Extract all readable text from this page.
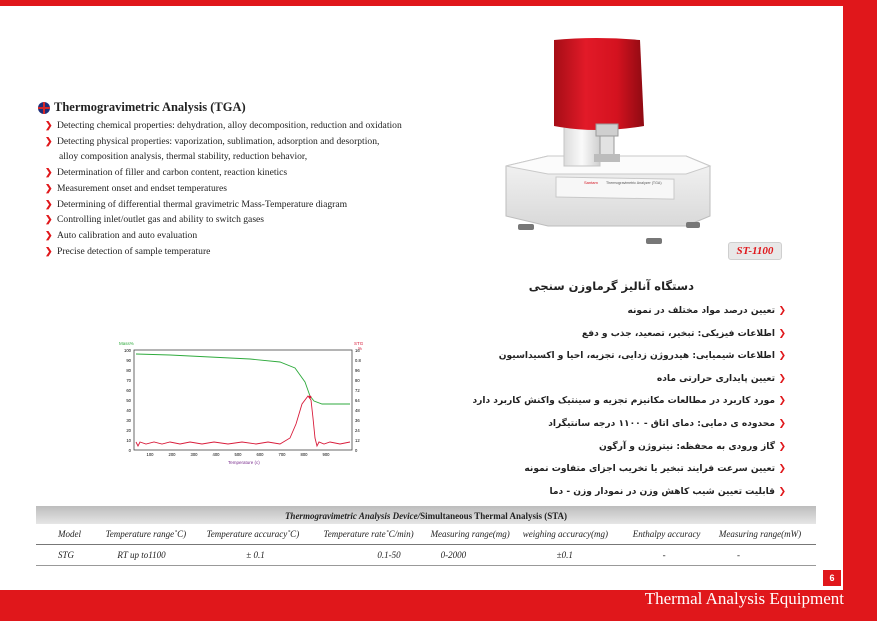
Thermogravimetric Analysis (TGA)
❯ Detecting chemical properties: dehydration, alloy decomposition, reduction and oxidation
❯ Detecting physical properties: vaporization, sublimation, adsorption and desorption,
alloy composition analysis, thermal stability, reduction behavior,
❯ Determination of filler and carbon content, reaction kinetics
❯ Measurement onset and endset temperatures
❯ Determining of differential thermal gravimetric Mass-Temperature diagram
❯ Controlling inlet/outlet gas and ability to switch gases
❯ Auto calibration and auto evaluation
❯ Precise detection of sample temperature
Santam Thermogravimetric Analyzer (TGA)
ST-1100
دستگاه آنالیز گرماوزن سنجی
❮
تعیین درصد مواد مختلف در نمونه
❮
اطلاعات فیزیکی: تبخیر، تصعید، جذب و دفع
❮
اطلاعات شیمیایی: هیدروژن زدایی، تجزیه، احیا و اکسیداسیون
❮
تعیین پایداری حرارتی ماده
❮
مورد کاربرد در مطالعات مکانیزم تجزیه و سینتیک واکنش کاربرد دارد
❮
محدوده ی دمایی: دمای اتاق - ۱۱۰۰ درجه سانتیگراد
❮
گاز ورودی به محفظه: نیتروژن و آرگون
❮
تعیین سرعت فرایند تبخیر یا تخریب اجزای متفاوت نمونه
❮
قابلیت تعیین شیب کاهش وزن در نمودار وزن - دما
Mass%	STG
%
100
90
80
70
60
50
40
30
20
10
0
16
0.8
96
80
72
64
48
36
24
12
0
100	200	300	400	500	600	700	800	900
Temperature (c)
Thermogravimetric Analysis Device/Simultaneous Thermal Analysis (STA)
Model	Temperature range˚C)	Temperature accuracy˚C)	Temperature rate˚C/min)	Measuring range(mg)	weighing accuracy(mg)	Enthalpy accuracy	Measuring range(mW)
STG	RT up to1100	± 0.1	0.1-50	0-2000	±0.1	-	-
6
Thermal Analysis Equipment
